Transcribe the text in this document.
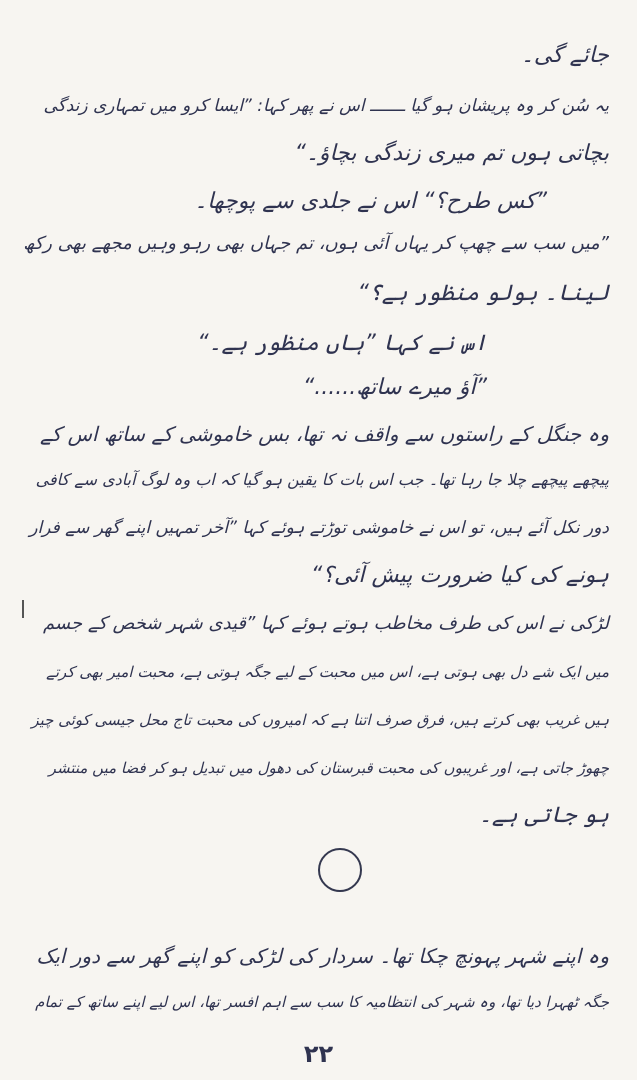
جائے گی۔
یہ سُن کر وہ پریشان ہو گیا ـــــــ اس نے پھر کہا: ”ایسا کرو میں تمہاری زندگی
بچاتی ہوں تم میری زندگی بچاؤ۔“
”کس طرح؟“ اس نے جلدی سے پوچھا۔
”میں سب سے چھپ کر یہاں آئی ہوں، تم جہاں بھی رہو وہیں مجھے بھی رکھ
لینا۔ بولو منظور ہے؟“
اس نے کہا ”ہاں منظور ہے۔“
”آؤ میرے ساتھ......“
وہ جنگل کے راستوں سے واقف نہ تھا، بس خاموشی کے ساتھ اس کے
پیچھے پیچھے چلا جا رہا تھا۔ جب اس بات کا یقین ہو گیا کہ اب وہ لوگ آبادی سے کافی
دور نکل آئے ہیں، تو اس نے خاموشی توڑتے ہوئے کہا ”آخر تمہیں اپنے گھر سے فرار
ہونے کی کیا ضرورت پیش آئی؟“
لڑکی نے اس کی طرف مخاطب ہوتے ہوئے کہا ”قیدی شہر شخص کے جسم
میں ایک شے دل بھی ہوتی ہے، اس میں محبت کے لیے جگہ ہوتی ہے، محبت امیر بھی کرتے
ہیں غریب بھی کرتے ہیں، فرق صرف اتنا ہے کہ امیروں کی محبت تاج محل جیسی کوئی چیز
چھوڑ جاتی ہے، اور غریبوں کی محبت قبرستان کی دھول میں تبدیل ہو کر فضا میں منتشر
ہو جاتی ہے۔
وہ اپنے شہر پہونچ چکا تھا۔ سردار کی لڑکی کو اپنے گھر سے دور ایک
جگہ ٹھہرا دیا تھا، وہ شہر کی انتظامیہ کا سب سے اہم افسر تھا، اس لیے اپنے ساتھ کے تمام
۲۲
